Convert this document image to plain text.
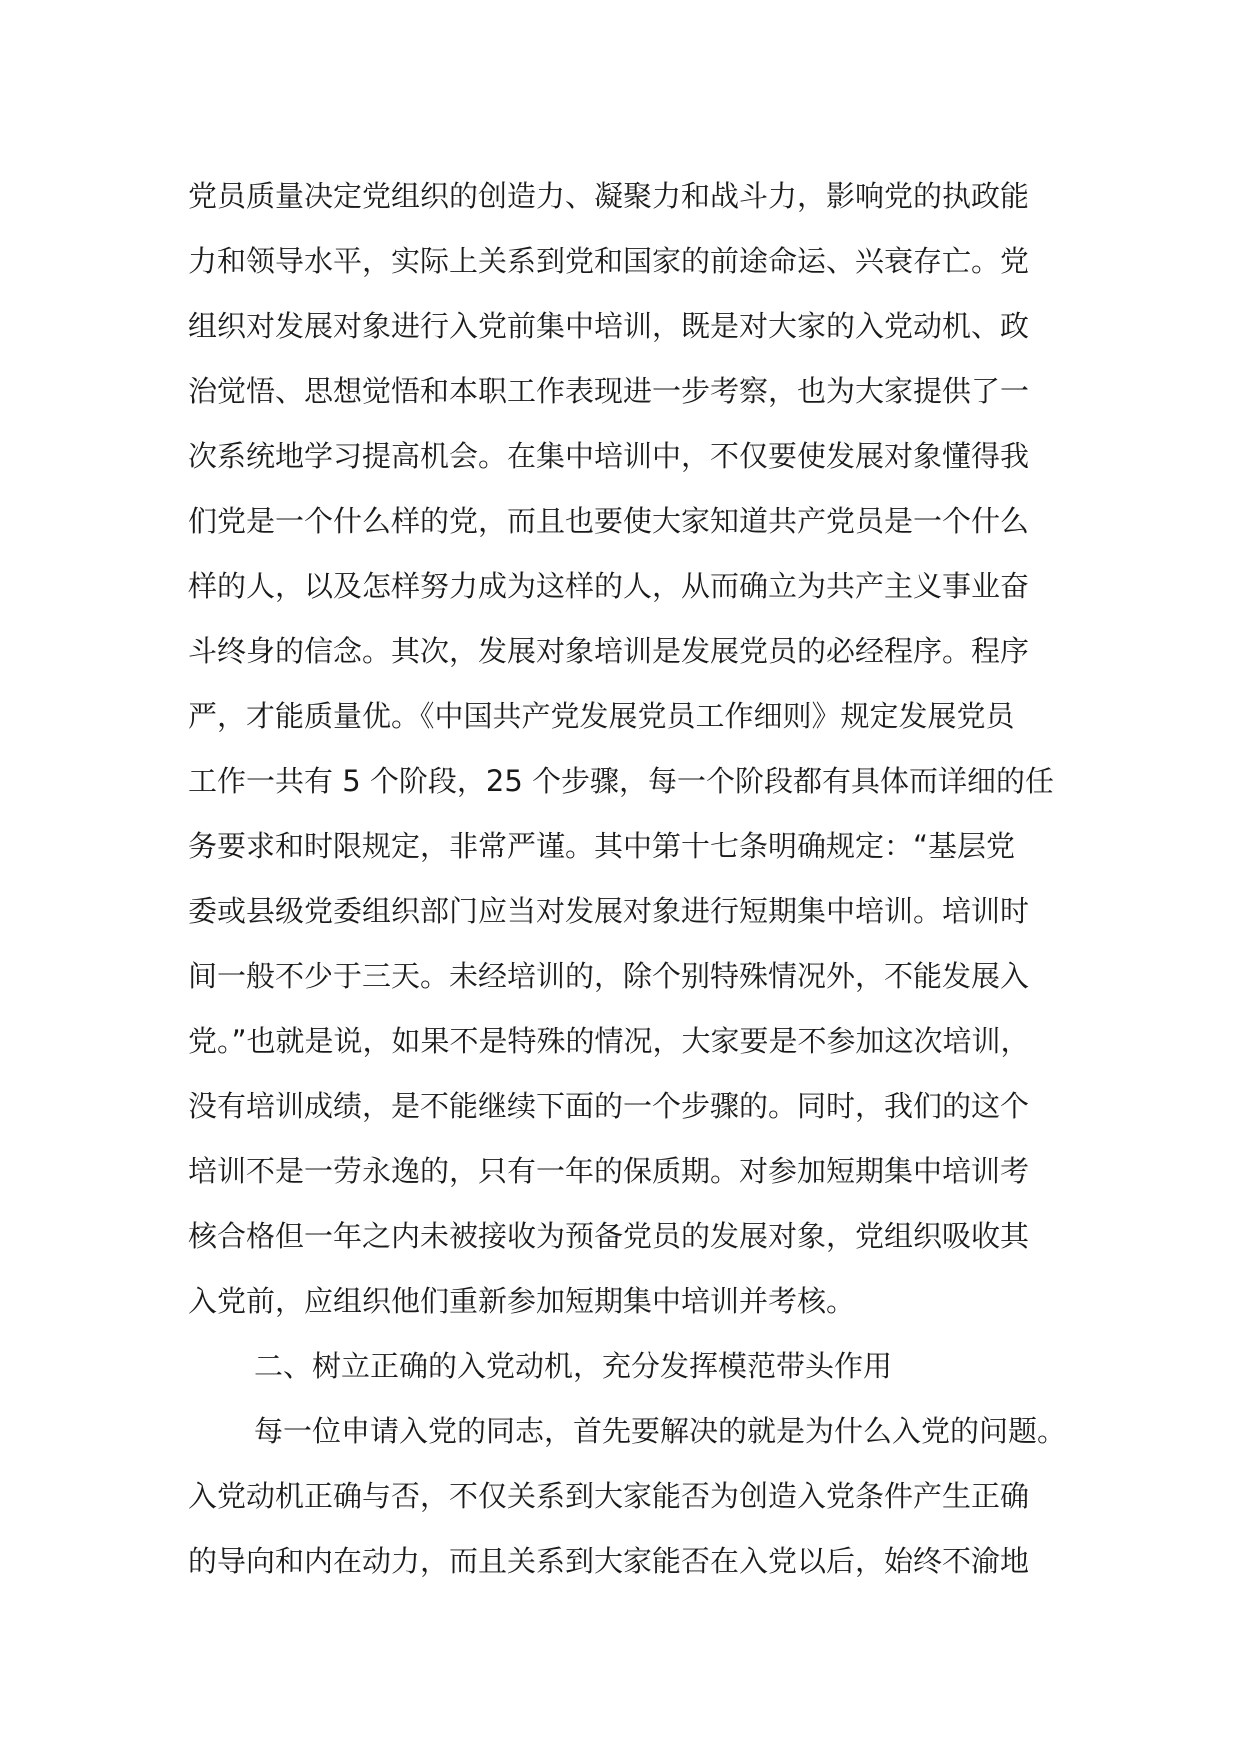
党员质量决定党组织的创造力、凝聚力和战斗力，影响党的执政能
力和领导水平，实际上关系到党和国家的前途命运、兴衰存亡。党
组织对发展对象进行入党前集中培训，既是对大家的入党动机、政
治觉悟、思想觉悟和本职工作表现进一步考察，也为大家提供了一
次系统地学习提高机会。在集中培训中，不仅要使发展对象懂得我
们党是一个什么样的党，而且也要使大家知道共产党员是一个什么
样的人，以及怎样努力成为这样的人，从而确立为共产主义事业奋
斗终身的信念。其次，发展对象培训是发展党员的必经程序。程序
严，才能质量优。《中国共产党发展党员工作细则》规定发展党员
工作一共有 5 个阶段，25 个步骤，每一个阶段都有具体而详细的任
务要求和时限规定，非常严谨。其中第十七条明确规定：“基层党
委或县级党委组织部门应当对发展对象进行短期集中培训。培训时
间一般不少于三天。未经培训的，除个别特殊情况外，不能发展入
党。”也就是说，如果不是特殊的情况，大家要是不参加这次培训，
没有培训成绩，是不能继续下面的一个步骤的。同时，我们的这个
培训不是一劳永逸的，只有一年的保质期。对参加短期集中培训考
核合格但一年之内未被接收为预备党员的发展对象，党组织吸收其
入党前，应组织他们重新参加短期集中培训并考核。
二、树立正确的入党动机，充分发挥模范带头作用
每一位申请入党的同志，首先要解决的就是为什么入党的问题。
入党动机正确与否，不仅关系到大家能否为创造入党条件产生正确
的导向和内在动力，而且关系到大家能否在入党以后，始终不渝地
